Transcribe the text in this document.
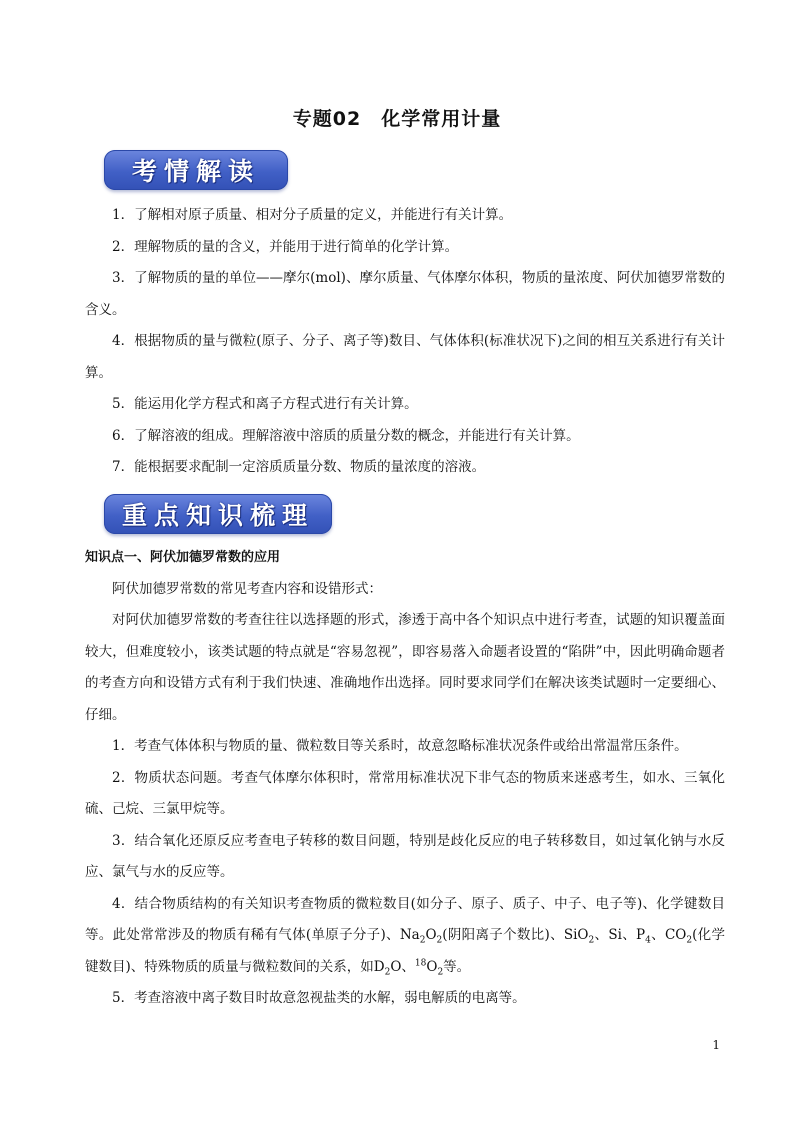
专题02　化学常用计量
考情解读

1．了解相对原子质量、相对分子质量的定义，并能进行有关计算。

2．理解物质的量的含义，并能用于进行简单的化学计算。

3．了解物质的量的单位——摩尔(mol)、摩尔质量、气体摩尔体积，物质的量浓度、阿伏加德罗常数的含义。

4．根据物质的量与微粒(原子、分子、离子等)数目、气体体积(标准状况下)之间的相互关系进行有关计算。

5．能运用化学方程式和离子方程式进行有关计算。

6．了解溶液的组成。理解溶液中溶质的质量分数的概念，并能进行有关计算。

7．能根据要求配制一定溶质质量分数、物质的量浓度的溶液。

重点知识梳理

知识点一、阿伏加德罗常数的应用

阿伏加德罗常数的常见考查内容和设错形式：

对阿伏加德罗常数的考查往往以选择题的形式，渗透于高中各个知识点中进行考查，试题的知识覆盖面较大，但难度较小，该类试题的特点就是“容易忽视”，即容易落入命题者设置的“陷阱”中，因此明确命题者的考查方向和设错方式有利于我们快速、准确地作出选择。同时要求同学们在解决该类试题时一定要细心、仔细。

1．考查气体体积与物质的量、微粒数目等关系时，故意忽略标准状况条件或给出常温常压条件。

2．物质状态问题。考查气体摩尔体积时，常常用标准状况下非气态的物质来迷惑考生，如水、三氧化硫、己烷、三氯甲烷等。

3．结合氧化还原反应考查电子转移的数目问题，特别是歧化反应的电子转移数目，如过氧化钠与水反应、氯气与水的反应等。

4．结合物质结构的有关知识考查物质的微粒数目(如分子、原子、质子、中子、电子等)、化学键数目等。此处常常涉及的物质有稀有气体(单原子分子)、$Na_2O_2$(阴阳离子个数比)、SiO$_2$、Si、$P_4$、$CO_2$(化学键数目)、特殊物质的质量与微粒数间的关系，如$D_2O$、$^{18}O_2$等。

5．考查溶液中离子数目时故意忽视盐类的水解，弱电解质的电离等。

1
